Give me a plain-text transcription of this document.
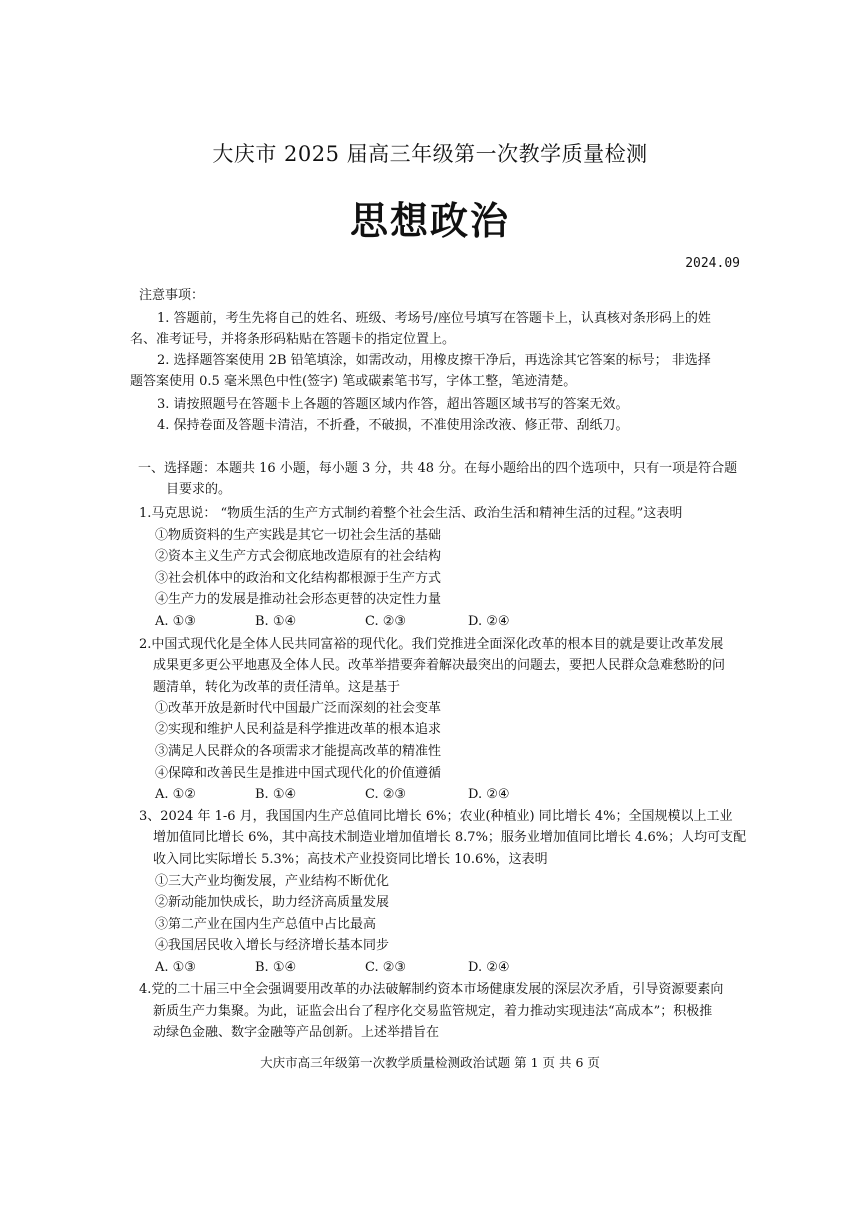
大庆市 2025 届高三年级第一次教学质量检测
思想政治
2024.09
注意事项：
1. 答题前，考生先将自己的姓名、班级、考场号/座位号填写在答题卡上，认真核对条形码上的姓
名、准考证号，并将条形码粘贴在答题卡的指定位置上。
2. 选择题答案使用 2B 铅笔填涂，如需改动，用橡皮擦干净后，再选涂其它答案的标号； 非选择
题答案使用 0.5 毫米黑色中性(签字) 笔或碳素笔书写，字体工整，笔迹清楚。
3. 请按照题号在答题卡上各题的答题区域内作答，超出答题区域书写的答案无效。
4. 保持卷面及答题卡清洁，不折叠，不破损，不准使用涂改液、修正带、刮纸刀。
一、选择题：本题共 16 小题，每小题 3 分，共 48 分。在每小题给出的四个选项中，只有一项是符合题
目要求的。
1.马克思说： “物质生活的生产方式制约着整个社会生活、政治生活和精神生活的过程。”这表明
①物质资料的生产实践是其它一切社会生活的基础
②资本主义生产方式会彻底地改造原有的社会结构
③社会机体中的政治和文化结构都根源于生产方式
④生产力的发展是推动社会形态更替的决定性力量
A. ①③	B. ①④	C. ②③	D. ②④
2.中国式现代化是全体人民共同富裕的现代化。我们党推进全面深化改革的根本目的就是要让改革发展
成果更多更公平地惠及全体人民。改革举措要奔着解决最突出的问题去，要把人民群众急难愁盼的问
题清单，转化为改革的责任清单。这是基于
①改革开放是新时代中国最广泛而深刻的社会变革
②实现和维护人民利益是科学推进改革的根本追求
③满足人民群众的各项需求才能提高改革的精准性
④保障和改善民生是推进中国式现代化的价值遵循
A. ①②	B. ①④	C. ②③	D. ②④
3、2024 年 1-6 月，我国国内生产总值同比增长 6%；农业(种植业) 同比增长 4%；全国规模以上工业
增加值同比增长 6%，其中高技术制造业增加值增长 8.7%；服务业增加值同比增长 4.6%；人均可支配
收入同比实际增长 5.3%；高技术产业投资同比增长 10.6%，这表明
①三大产业均衡发展，产业结构不断优化
②新动能加快成长，助力经济高质量发展
③第二产业在国内生产总值中占比最高
④我国居民收入增长与经济增长基本同步
A. ①③	B. ①④	C. ②③	D. ②④
4.党的二十届三中全会强调要用改革的办法破解制约资本市场健康发展的深层次矛盾，引导资源要素向
新质生产力集聚。为此，证监会出台了程序化交易监管规定，着力推动实现违法“高成本”；积极推
动绿色金融、数字金融等产品创新。上述举措旨在
大庆市高三年级第一次教学质量检测政治试题 第 1 页 共 6 页
